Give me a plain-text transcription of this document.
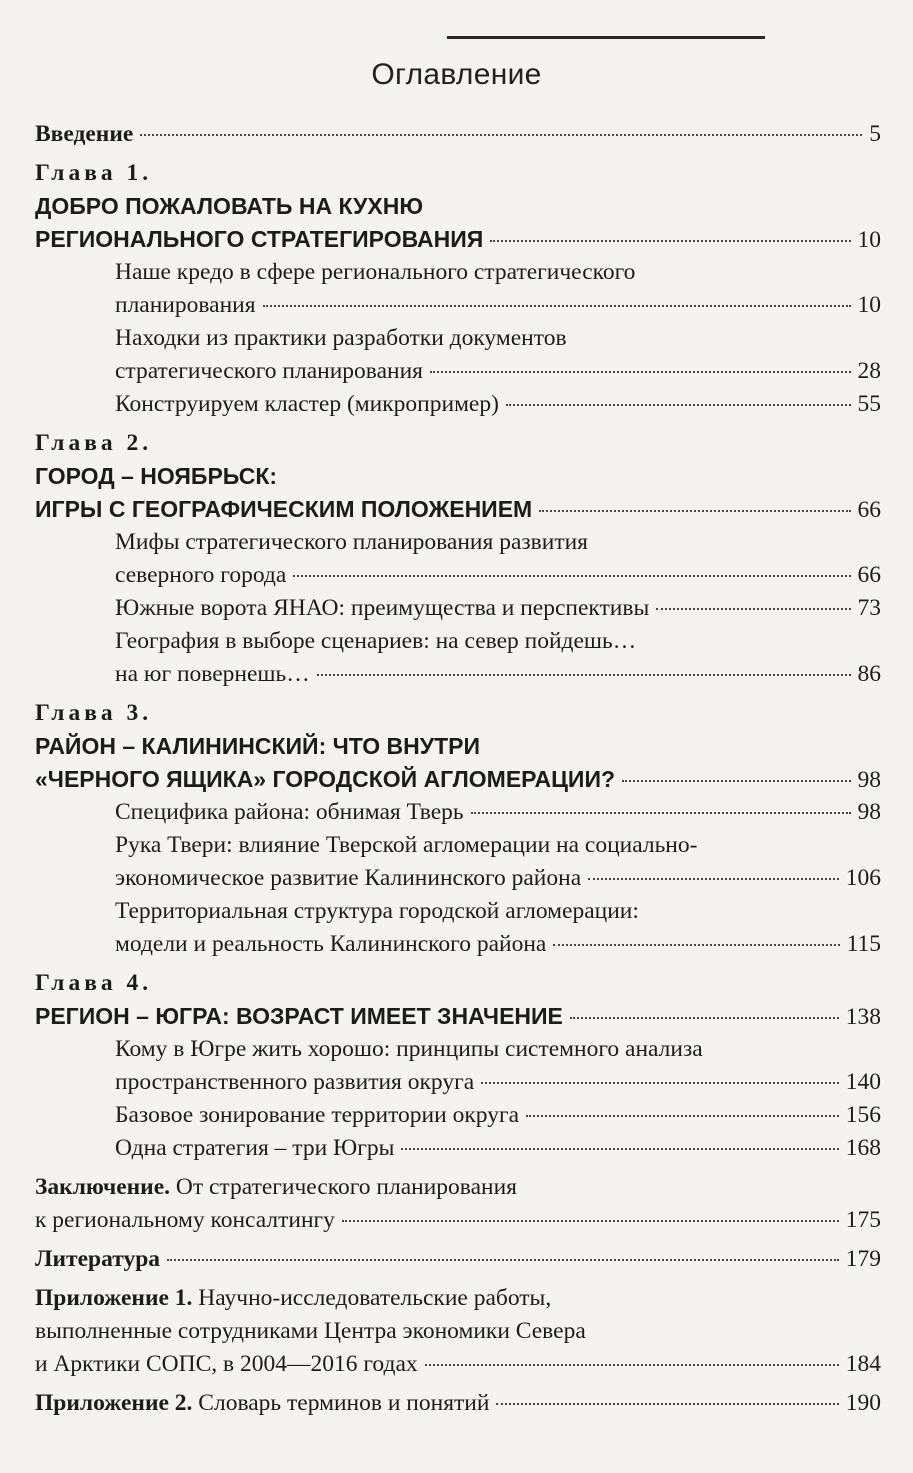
Оглавление
Введение	5
Глава 1.
ДОБРО ПОЖАЛОВАТЬ НА КУХНЮ
РЕГИОНАЛЬНОГО СТРАТЕГИРОВАНИЯ	10
Наше кредо в сфере регионального стратегического
планирования	10
Находки из практики разработки документов
стратегического планирования	28
Конструируем кластер (микропример)	55
Глава 2.
ГОРОД – НОЯБРЬСК:
ИГРЫ С ГЕОГРАФИЧЕСКИМ ПОЛОЖЕНИЕМ	66
Мифы стратегического планирования развития
северного города	66
Южные ворота ЯНАО: преимущества и перспективы	73
География в выборе сценариев: на север пойдешь…
на юг повернешь…	86
Глава 3.
РАЙОН – КАЛИНИНСКИЙ: ЧТО ВНУТРИ
«ЧЕРНОГО ЯЩИКА» ГОРОДСКОЙ АГЛОМЕРАЦИИ?	98
Специфика района: обнимая Тверь	98
Рука Твери: влияние Тверской агломерации на социально-
экономическое развитие Калининского района	106
Территориальная структура городской агломерации:
модели и реальность Калининского района	115
Глава 4.
РЕГИОН – ЮГРА: ВОЗРАСТ ИМЕЕТ ЗНАЧЕНИЕ	138
Кому в Югре жить хорошо: принципы системного анализа
пространственного развития округа	140
Базовое зонирование территории округа	156
Одна стратегия – три Югры	168
Заключение.
От стратегического планирования
к региональному консалтингу	175
Литература	179
Приложение 1.
Научно-исследовательские работы,
выполненные сотрудниками Центра экономики Севера
и Арктики СОПС, в 2004—2016 годах	184
Приложение 2.
Словарь терминов и понятий	190
